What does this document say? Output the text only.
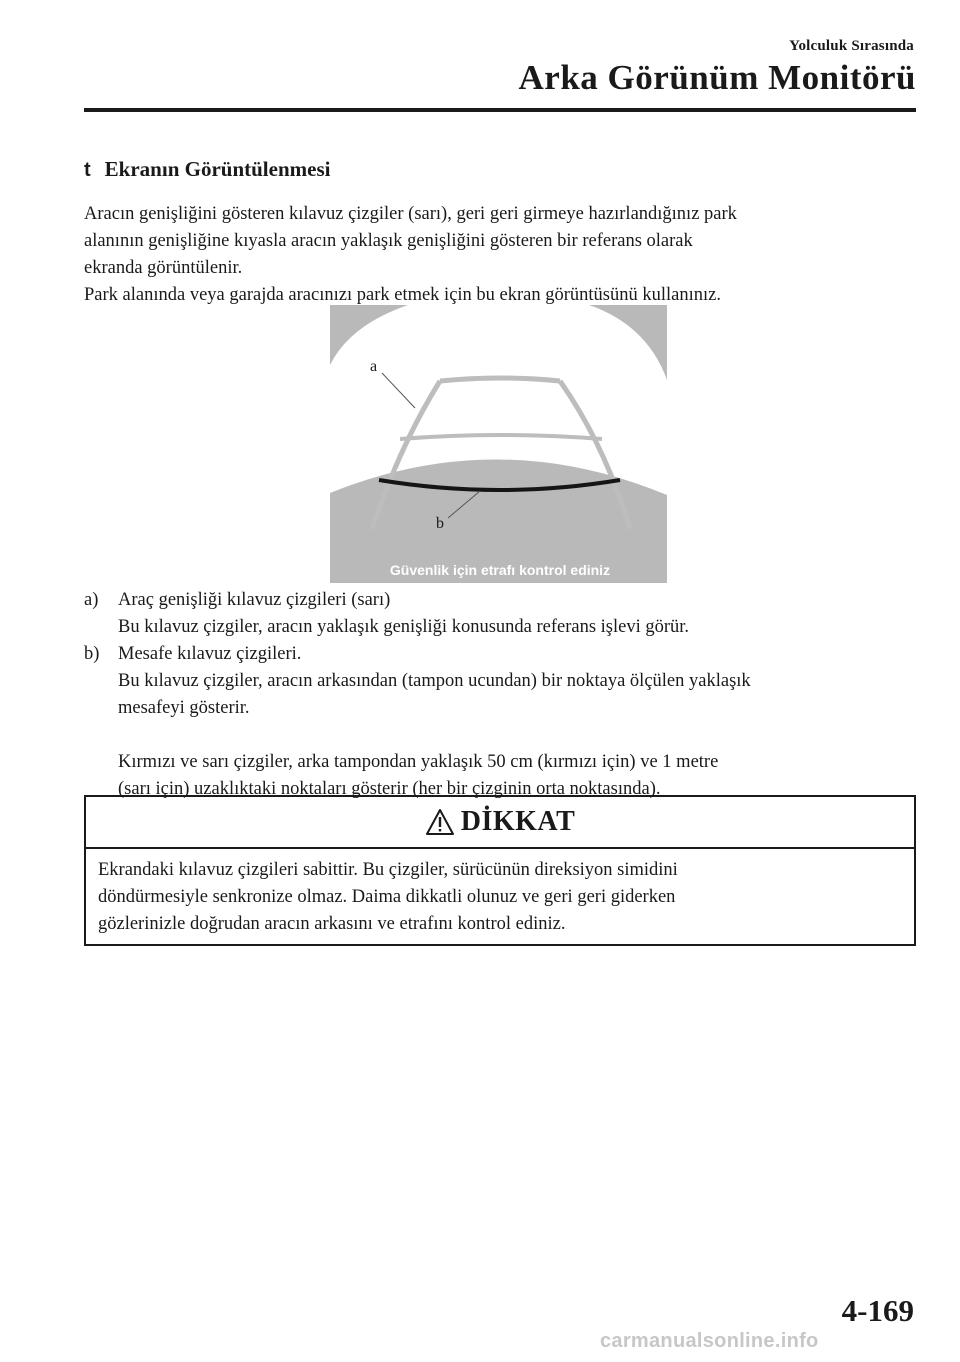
Yolculuk Sırasında
Arka Görünüm Monitörü
t Ekranın Görüntülenmesi
Aracın genişliğini gösteren kılavuz çizgiler (sarı), geri geri girmeye hazırlandığınız park
alanının genişliğine kıyasla aracın yaklaşık genişliğini gösteren bir referans olarak
ekranda görüntülenir.
Park alanında veya garajda aracınızı park etmek için bu ekran görüntüsünü kullanınız.
a
b
Güvenlik için etrafı kontrol ediniz
a) Araç genişliği kılavuz çizgileri (sarı)
Bu kılavuz çizgiler, aracın yaklaşık genişliği konusunda referans işlevi görür.
b) Mesafe kılavuz çizgileri.
Bu kılavuz çizgiler, aracın arkasından (tampon ucundan) bir noktaya ölçülen yaklaşık
mesafeyi gösterir.
Kırmızı ve sarı çizgiler, arka tampondan yaklaşık 50 cm (kırmızı için) ve 1 metre
(sarı için) uzaklıktaki noktaları gösterir (her bir çizginin orta noktasında).
DİKKAT
Ekrandaki kılavuz çizgileri sabittir. Bu çizgiler, sürücünün direksiyon simidini
döndürmesiyle senkronize olmaz. Daima dikkatli olunuz ve geri geri giderken
gözlerinizle doğrudan aracın arkasını ve etrafını kontrol ediniz.
4-169
carmanualsonline.info
